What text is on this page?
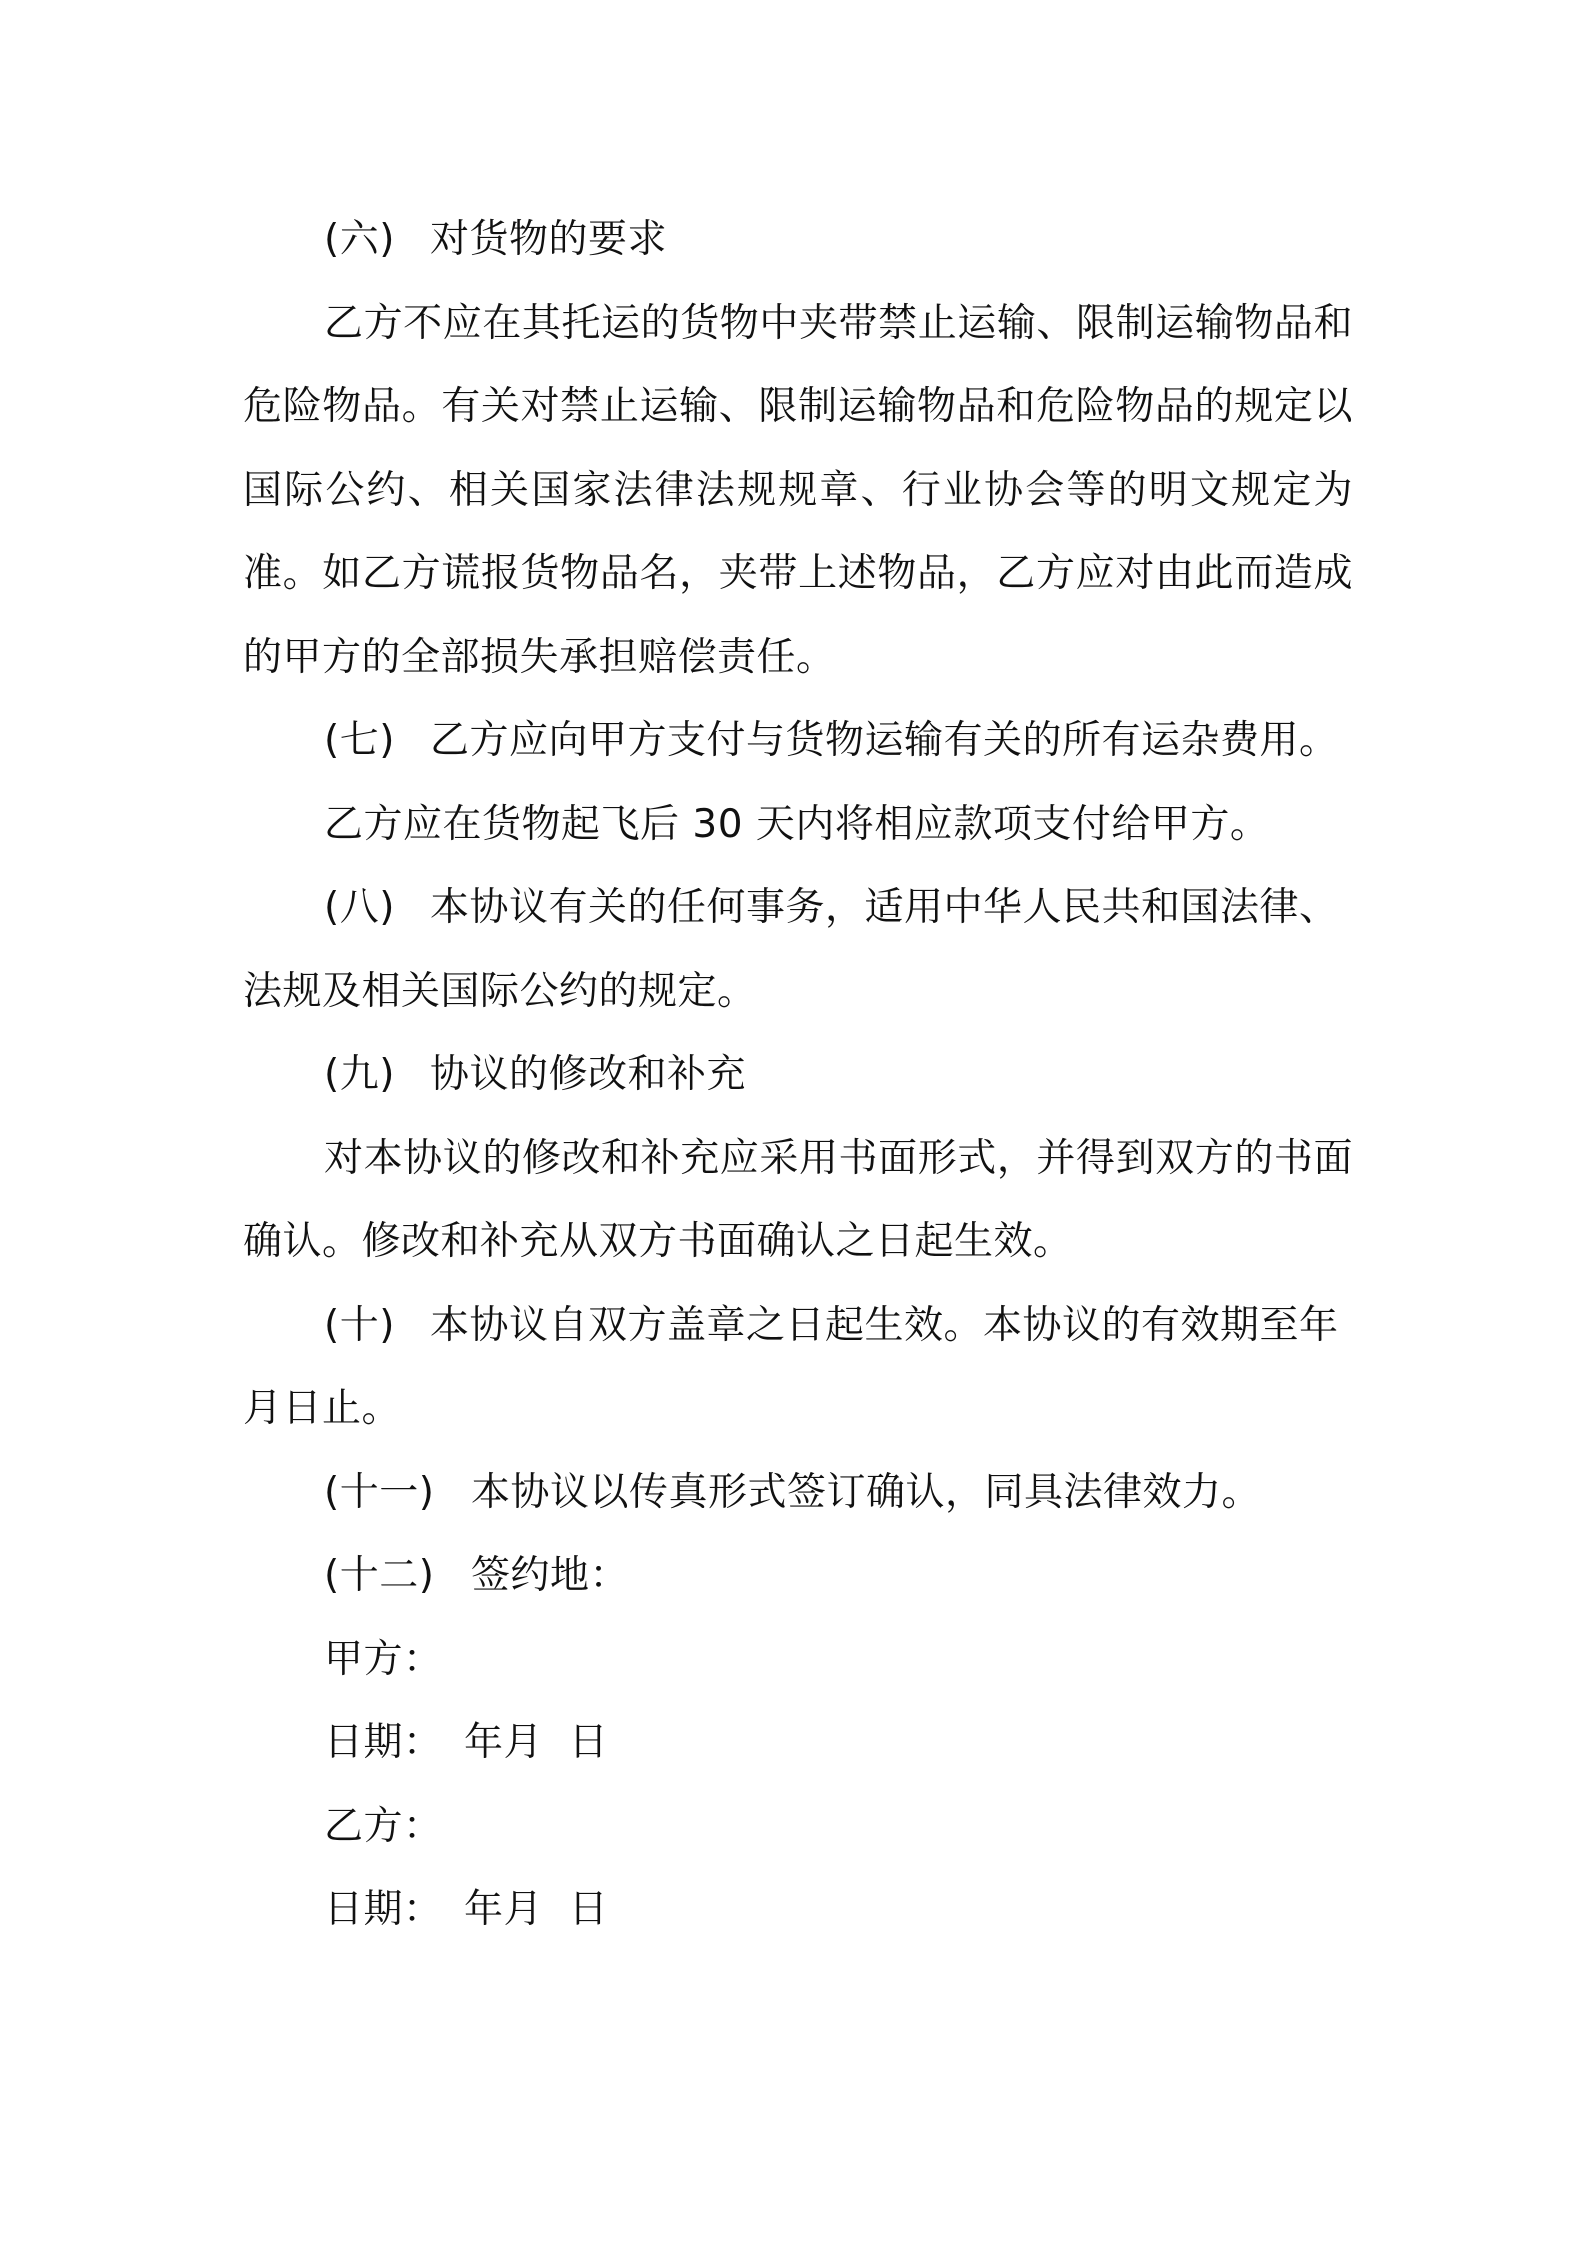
(六) 对货物的要求
乙方不应在其托运的货物中夹带禁止运输、限制运输物品和危险物品。有关对禁止运输、限制运输物品和危险物品的规定以国际公约、相关国家法律法规规章、行业协会等的明文规定为准。如乙方谎报货物品名，夹带上述物品，乙方应对由此而造成的甲方的全部损失承担赔偿责任。
(七) 乙方应向甲方支付与货物运输有关的所有运杂费用。
乙方应在货物起飞后 30 天内将相应款项支付给甲方。
(八) 本协议有关的任何事务，适用中华人民共和国法律、
法规及相关国际公约的规定。
(九) 协议的修改和补充
对本协议的修改和补充应采用书面形式，并得到双方的书面确认。修改和补充从双方书面确认之日起生效。
(十) 本协议自双方盖章之日起生效。本协议的有效期至年
月日止。
(十一) 本协议以传真形式签订确认，同具法律效力。
(十二) 签约地：
甲方：
日期： 年月  日
乙方：
日期： 年月  日
